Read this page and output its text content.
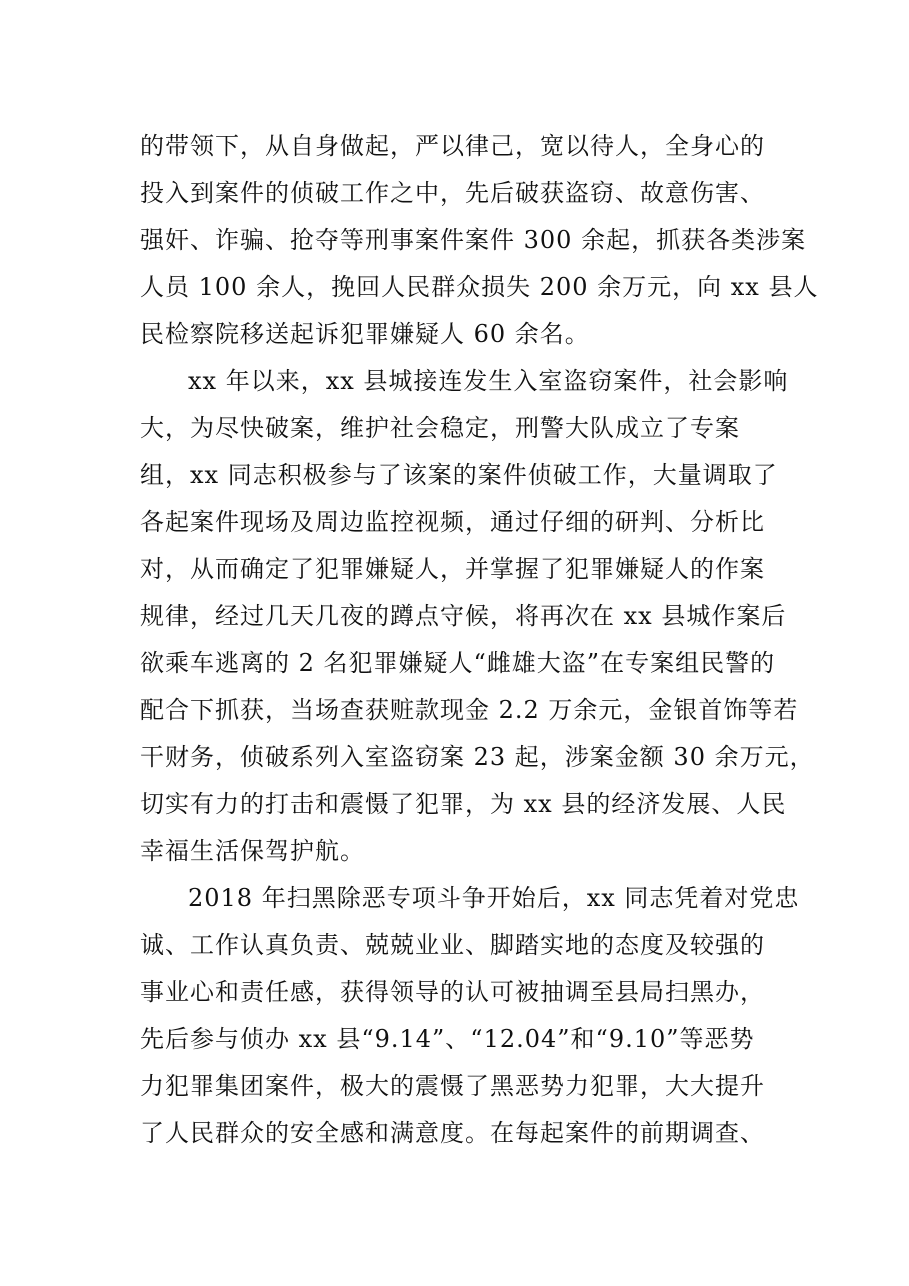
的带领下，从自身做起，严以律己，宽以待人，全身心的
投入到案件的侦破工作之中，先后破获盗窃、故意伤害、
强奸、诈骗、抢夺等刑事案件案件 300 余起，抓获各类涉案
人员 100 余人，挽回人民群众损失 200 余万元，向 xx 县人
民检察院移送起诉犯罪嫌疑人 60 余名。
xx 年以来，xx 县城接连发生入室盗窃案件，社会影响
大，为尽快破案，维护社会稳定，刑警大队成立了专案
组，xx 同志积极参与了该案的案件侦破工作，大量调取了
各起案件现场及周边监控视频，通过仔细的研判、分析比
对，从而确定了犯罪嫌疑人，并掌握了犯罪嫌疑人的作案
规律，经过几天几夜的蹲点守候，将再次在 xx 县城作案后
欲乘车逃离的 2 名犯罪嫌疑人“雌雄大盗”在专案组民警的
配合下抓获，当场查获赃款现金 2.2 万余元，金银首饰等若
干财务，侦破系列入室盗窃案 23 起，涉案金额 30 余万元，
切实有力的打击和震慑了犯罪，为 xx 县的经济发展、人民
幸福生活保驾护航。
2018 年扫黑除恶专项斗争开始后，xx 同志凭着对党忠
诚、工作认真负责、兢兢业业、脚踏实地的态度及较强的
事业心和责任感，获得领导的认可被抽调至县局扫黑办，
先后参与侦办 xx 县“9.14”、“12.04”和“9.10”等恶势
力犯罪集团案件，极大的震慑了黑恶势力犯罪，大大提升
了人民群众的安全感和满意度。在每起案件的前期调查、
